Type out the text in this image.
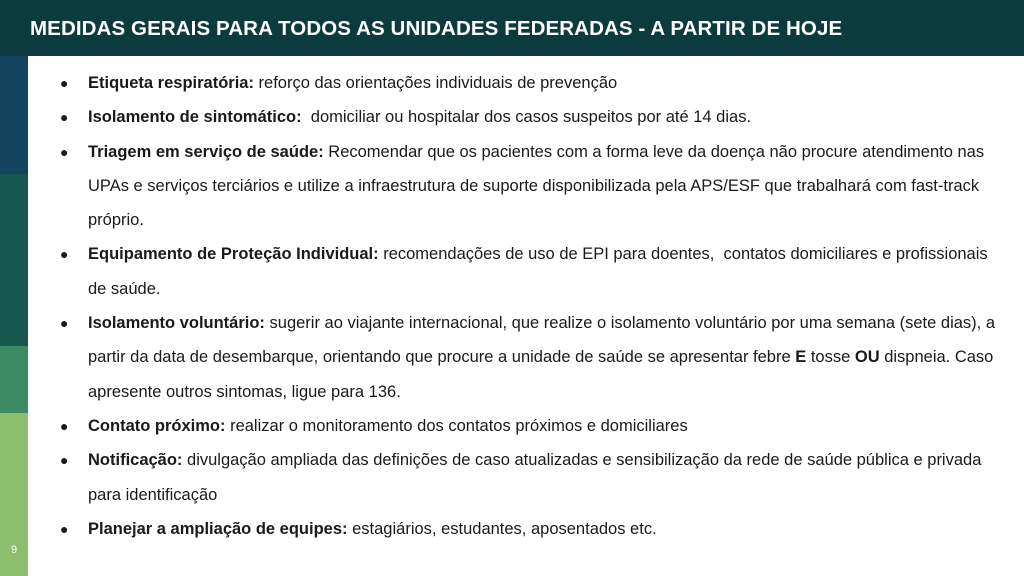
MEDIDAS GERAIS PARA TODOS AS UNIDADES FEDERADAS - A PARTIR DE HOJE
9
● Etiqueta respiratória: reforço das orientações individuais de prevenção
● Isolamento de sintomático:  domiciliar ou hospitalar dos casos suspeitos por até 14 dias.
● Triagem em serviço de saúde: Recomendar que os pacientes com a forma leve da doença não procure atendimento nas UPAs e serviços terciários e utilize a infraestrutura de suporte disponibilizada pela APS/ESF que trabalhará com fast-track próprio.
● Equipamento de Proteção Individual: recomendações de uso de EPI para doentes,  contatos domiciliares e profissionais de saúde.
● Isolamento voluntário: sugerir ao viajante internacional, que realize o isolamento voluntário por uma semana (sete dias), a partir da data de desembarque, orientando que procure a unidade de saúde se apresentar febre E tosse OU dispneia. Caso apresente outros sintomas, ligue para 136.
● Contato próximo: realizar o monitoramento dos contatos próximos e domiciliares
● Notificação: divulgação ampliada das definições de caso atualizadas e sensibilização da rede de saúde pública e privada para identificação
● Planejar a ampliação de equipes: estagiários, estudantes, aposentados etc.
